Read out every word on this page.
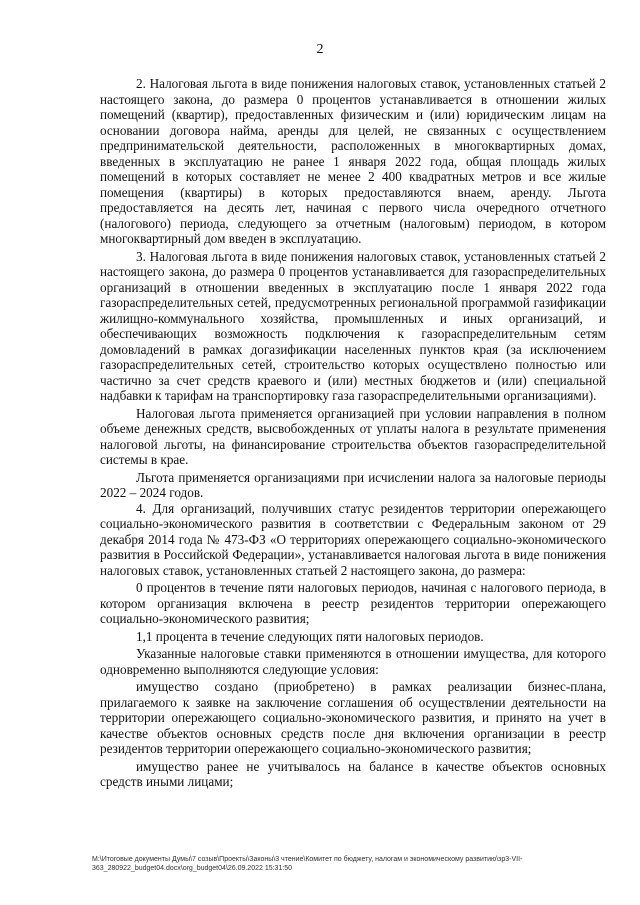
2

2. Налоговая льгота в виде понижения налоговых ставок, установленных статьей 2 настоящего закона, до размера 0 процентов устанавливается в отношении жилых помещений (квартир), предоставленных физическим и (или) юридическим лицам на основании договора найма, аренды для целей, не связанных с осуществлением предпринимательской деятельности, расположенных в многоквартирных домах, введенных в эксплуатацию не ранее 1 января 2022 года, общая площадь жилых помещений в которых составляет не менее 2 400 квадратных метров и все жилые помещения (квартиры) в которых предоставляются внаем, аренду. Льгота предоставляется на десять лет, начиная с первого числа очередного отчетного (налогового) периода, следующего за отчетным (налоговым) периодом, в котором многоквартирный дом введен в эксплуатацию.

3. Налоговая льгота в виде понижения налоговых ставок, установленных статьей 2 настоящего закона, до размера 0 процентов устанавливается для газораспределительных организаций в отношении введенных в эксплуатацию после 1 января 2022 года газораспределительных сетей, предусмотренных региональной программой газификации жилищно-коммунального хозяйства, промышленных и иных организаций, и обеспечивающих возможность подключения к газораспределительным сетям домовладений в рамках догазификации населенных пунктов края (за исключением газораспределительных сетей, строительство которых осуществлено полностью или частично за счет средств краевого и (или) местных бюджетов и (или) специальной надбавки к тарифам на транспортировку газа газораспределительными организациями).

Налоговая льгота применяется организацией при условии направления в полном объеме денежных средств, высвобожденных от уплаты налога в результате применения налоговой льготы, на финансирование строительства объектов газораспределительной системы в крае.

Льгота применяется организациями при исчислении налога за налоговые периоды 2022 – 2024 годов.

4. Для организаций, получивших статус резидентов территории опережающего социально-экономического развития в соответствии с Федеральным законом от 29 декабря 2014 года № 473-ФЗ «О территориях опережающего социально-экономического развития в Российской Федерации», устанавливается налоговая льгота в виде понижения налоговых ставок, установленных статьей 2 настоящего закона, до размера:

0 процентов в течение пяти налоговых периодов, начиная с налогового периода, в котором организация включена в реестр резидентов территории опережающего социально-экономического развития;

1,1 процента в течение следующих пяти налоговых периодов.

Указанные налоговые ставки применяются в отношении имущества, для которого одновременно выполняются следующие условия:

имущество создано (приобретено) в рамках реализации бизнес-плана, прилагаемого к заявке на заключение соглашения об осуществлении деятельности на территории опережающего социально-экономического развития, и принято на учет в качестве объектов основных средств после дня включения организации в реестр резидентов территории опережающего социально-экономического развития;

имущество ранее не учитывалось на балансе в качестве объектов основных средств иными лицами;

M:\Итоговые документы Думы\7 созыв\Проекты\Законы\3 чтение\Комитет по бюджету, налогам и экономическому развитию\зр3-VII-363_280922_budget04.docx\org_budget04\26.09.2022 15:31:50
